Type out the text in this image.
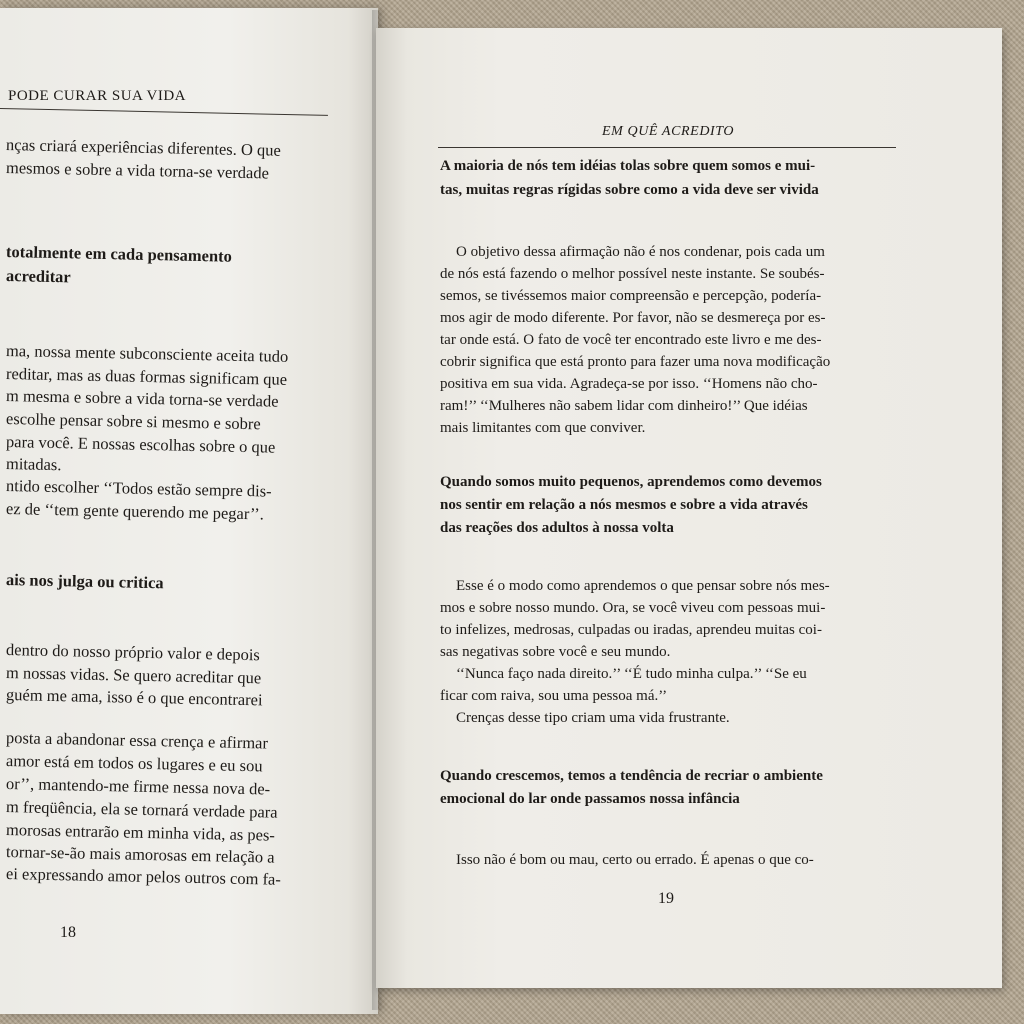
PODE CURAR SUA VIDA
nças criará experiências diferentes. O que
mesmos e sobre a vida torna-se verdade
totalmente em cada pensamento
acreditar
ma, nossa mente subconsciente aceita tudo
reditar, mas as duas formas significam que
m mesma e sobre a vida torna-se verdade
escolhe pensar sobre si mesmo e sobre
para você. E nossas escolhas sobre o que
mitadas.
ntido escolher ‘‘Todos estão sempre dis-
ez de ‘‘tem gente querendo me pegar’’.
ais nos julga ou critica
dentro do nosso próprio valor e depois
m nossas vidas. Se quero acreditar que
guém me ama, isso é o que encontrarei
posta a abandonar essa crença e afirmar
amor está em todos os lugares e eu sou
or’’, mantendo-me firme nessa nova de-
m freqüência, ela se tornará verdade para
morosas entrarão em minha vida, as pes-
tornar-se-ão mais amorosas em relação a
ei expressando amor pelos outros com fa-
18
EM QUÊ ACREDITO
A maioria de nós tem idéias tolas sobre quem somos e mui-
tas, muitas regras rígidas sobre como a vida deve ser vivida
O objetivo dessa afirmação não é nos condenar, pois cada um
de nós está fazendo o melhor possível neste instante. Se soubés-
semos, se tivéssemos maior compreensão e percepção, podería-
mos agir de modo diferente. Por favor, não se desmereça por es-
tar onde está. O fato de você ter encontrado este livro e me des-
cobrir significa que está pronto para fazer uma nova modificação
positiva em sua vida. Agradeça-se por isso. ‘‘Homens não cho-
ram!’’ ‘‘Mulheres não sabem lidar com dinheiro!’’ Que idéias
mais limitantes com que conviver.
Quando somos muito pequenos, aprendemos como devemos
nos sentir em relação a nós mesmos e sobre a vida através
das reações dos adultos à nossa volta
Esse é o modo como aprendemos o que pensar sobre nós mes-
mos e sobre nosso mundo. Ora, se você viveu com pessoas mui-
to infelizes, medrosas, culpadas ou iradas, aprendeu muitas coi-
sas negativas sobre você e seu mundo.
‘‘Nunca faço nada direito.’’ ‘‘É tudo minha culpa.’’ ‘‘Se eu
ficar com raiva, sou uma pessoa má.’’
Crenças desse tipo criam uma vida frustrante.
Quando crescemos, temos a tendência de recriar o ambiente
emocional do lar onde passamos nossa infância
Isso não é bom ou mau, certo ou errado. É apenas o que co-
19
